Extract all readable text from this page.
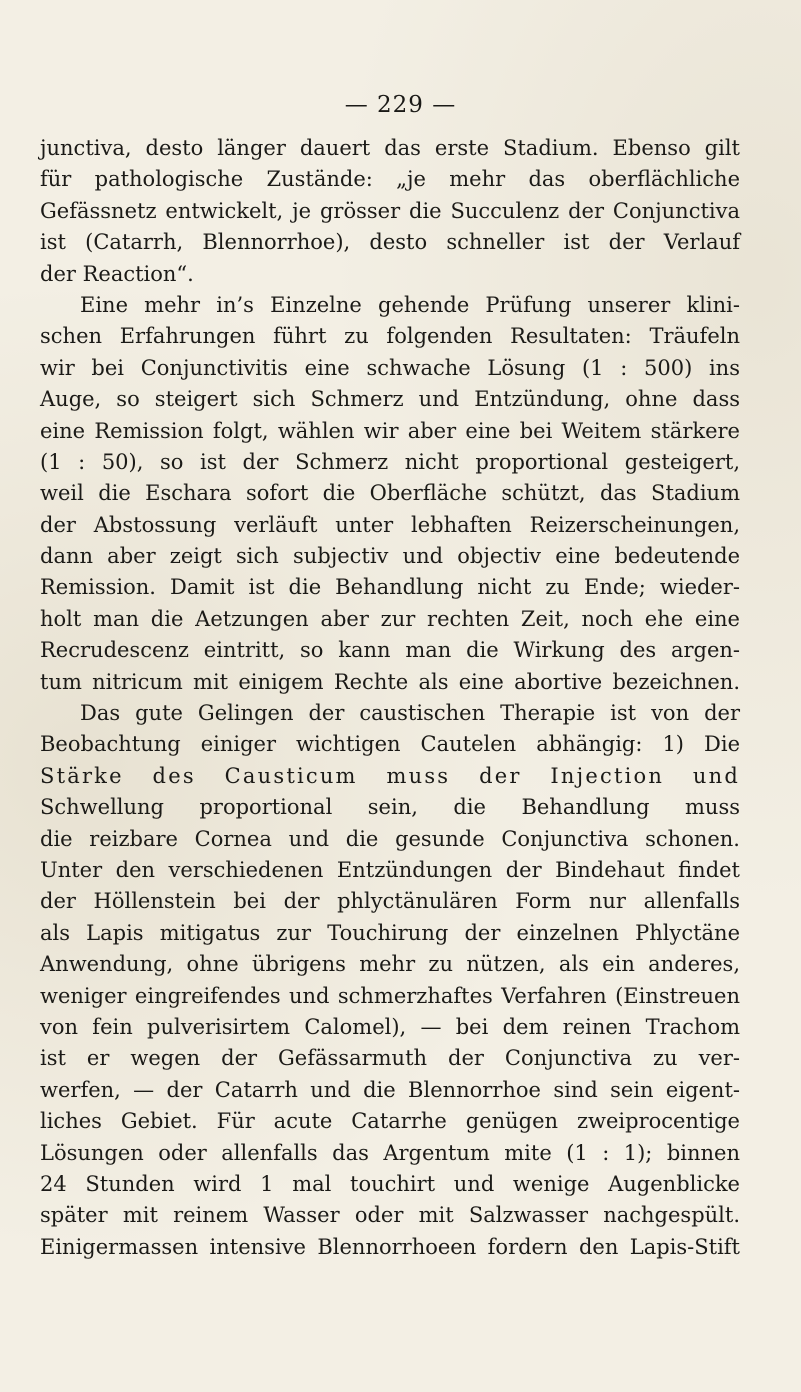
— 229 —
junctiva, desto länger dauert das erste Stadium. Ebenso gilt
für pathologische Zustände: „je mehr das oberflächliche
Gefässnetz entwickelt, je grösser die Succulenz der Conjunctiva
ist (Catarrh, Blennorrhoe), desto schneller ist der Verlauf
der Reaction“.
Eine mehr in’s Einzelne gehende Prüfung unserer klini-
schen Erfahrungen führt zu folgenden Resultaten: Träufeln
wir bei Conjunctivitis eine schwache Lösung (1 : 500) ins
Auge, so steigert sich Schmerz und Entzündung, ohne dass
eine Remission folgt, wählen wir aber eine bei Weitem stärkere
(1 : 50), so ist der Schmerz nicht proportional gesteigert,
weil die Eschara sofort die Oberfläche schützt, das Stadium
der Abstossung verläuft unter lebhaften Reizerscheinungen,
dann aber zeigt sich subjectiv und objectiv eine bedeutende
Remission. Damit ist die Behandlung nicht zu Ende; wieder-
holt man die Aetzungen aber zur rechten Zeit, noch ehe eine
Recrudescenz eintritt, so kann man die Wirkung des argen-
tum nitricum mit einigem Rechte als eine abortive bezeichnen.
Das gute Gelingen der caustischen Therapie ist von der
Beobachtung einiger wichtigen Cautelen abhängig: 1) Die
Stärke des Causticum muss der Injection und
Schwellung proportional sein, die Behandlung muss
die reizbare Cornea und die gesunde Conjunctiva schonen.
Unter den verschiedenen Entzündungen der Bindehaut findet
der Höllenstein bei der phlyctänulären Form nur allenfalls
als Lapis mitigatus zur Touchirung der einzelnen Phlyctäne
Anwendung, ohne übrigens mehr zu nützen, als ein anderes,
weniger eingreifendes und schmerzhaftes Verfahren (Einstreuen
von fein pulverisirtem Calomel), — bei dem reinen Trachom
ist er wegen der Gefässarmuth der Conjunctiva zu ver-
werfen, — der Catarrh und die Blennorrhoe sind sein eigent-
liches Gebiet. Für acute Catarrhe genügen zweiprocentige
Lösungen oder allenfalls das Argentum mite (1 : 1); binnen
24 Stunden wird 1 mal touchirt und wenige Augenblicke
später mit reinem Wasser oder mit Salzwasser nachgespült.
Einigermassen intensive Blennorrhoeen fordern den Lapis-Stift
